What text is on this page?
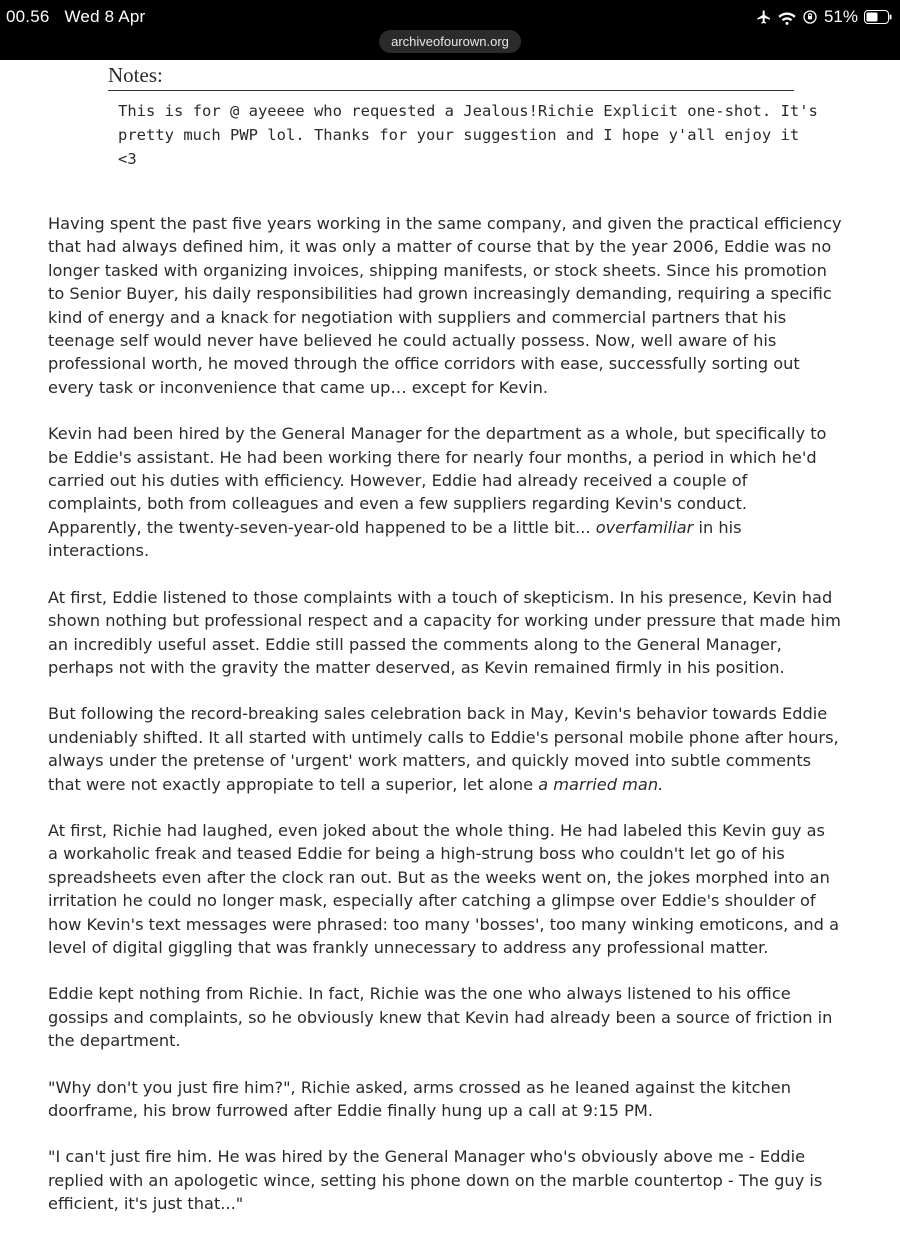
00.56 Wed 8 Apr	51%
archiveofourown.org
Notes:
This is for @ ayeeee who requested a Jealous!Richie Explicit one-shot. It's
pretty much PWP lol. Thanks for your suggestion and I hope y'all enjoy it <3

Having spent the past five years working in the same company, and given the practical efficiency
that had always defined him, it was only a matter of course that by the year 2006, Eddie was no
longer tasked with organizing invoices, shipping manifests, or stock sheets. Since his promotion
to Senior Buyer, his daily responsibilities had grown increasingly demanding, requiring a specific
kind of energy and a knack for negotiation with suppliers and commercial partners that his
teenage self would never have believed he could actually possess. Now, well aware of his
professional worth, he moved through the office corridors with ease, successfully sorting out
every task or inconvenience that came up… except for Kevin.

Kevin had been hired by the General Manager for the department as a whole, but specifically to
be Eddie's assistant. He had been working there for nearly four months, a period in which he'd
carried out his duties with efficiency. However, Eddie had already received a couple of
complaints, both from colleagues and even a few suppliers regarding Kevin's conduct.
Apparently, the twenty-seven-year-old happened to be a little bit... overfamiliar in his
interactions.

At first, Eddie listened to those complaints with a touch of skepticism. In his presence, Kevin had
shown nothing but professional respect and a capacity for working under pressure that made him
an incredibly useful asset. Eddie still passed the comments along to the General Manager,
perhaps not with the gravity the matter deserved, as Kevin remained firmly in his position.

But following the record-breaking sales celebration back in May, Kevin's behavior towards Eddie
undeniably shifted. It all started with untimely calls to Eddie's personal mobile phone after hours,
always under the pretense of 'urgent' work matters, and quickly moved into subtle comments
that were not exactly appropiate to tell a superior, let alone a married man.

At first, Richie had laughed, even joked about the whole thing. He had labeled this Kevin guy as
a workaholic freak and teased Eddie for being a high-strung boss who couldn't let go of his
spreadsheets even after the clock ran out. But as the weeks went on, the jokes morphed into an
irritation he could no longer mask, especially after catching a glimpse over Eddie's shoulder of
how Kevin's text messages were phrased: too many 'bosses', too many winking emoticons, and a
level of digital giggling that was frankly unnecessary to address any professional matter.

Eddie kept nothing from Richie. In fact, Richie was the one who always listened to his office
gossips and complaints, so he obviously knew that Kevin had already been a source of friction in
the department.

"Why don't you just fire him?", Richie asked, arms crossed as he leaned against the kitchen
doorframe, his brow furrowed after Eddie finally hung up a call at 9:15 PM.

"I can't just fire him. He was hired by the General Manager who's obviously above me - Eddie
replied with an apologetic wince, setting his phone down on the marble countertop - The guy is
efficient, it's just that..."
